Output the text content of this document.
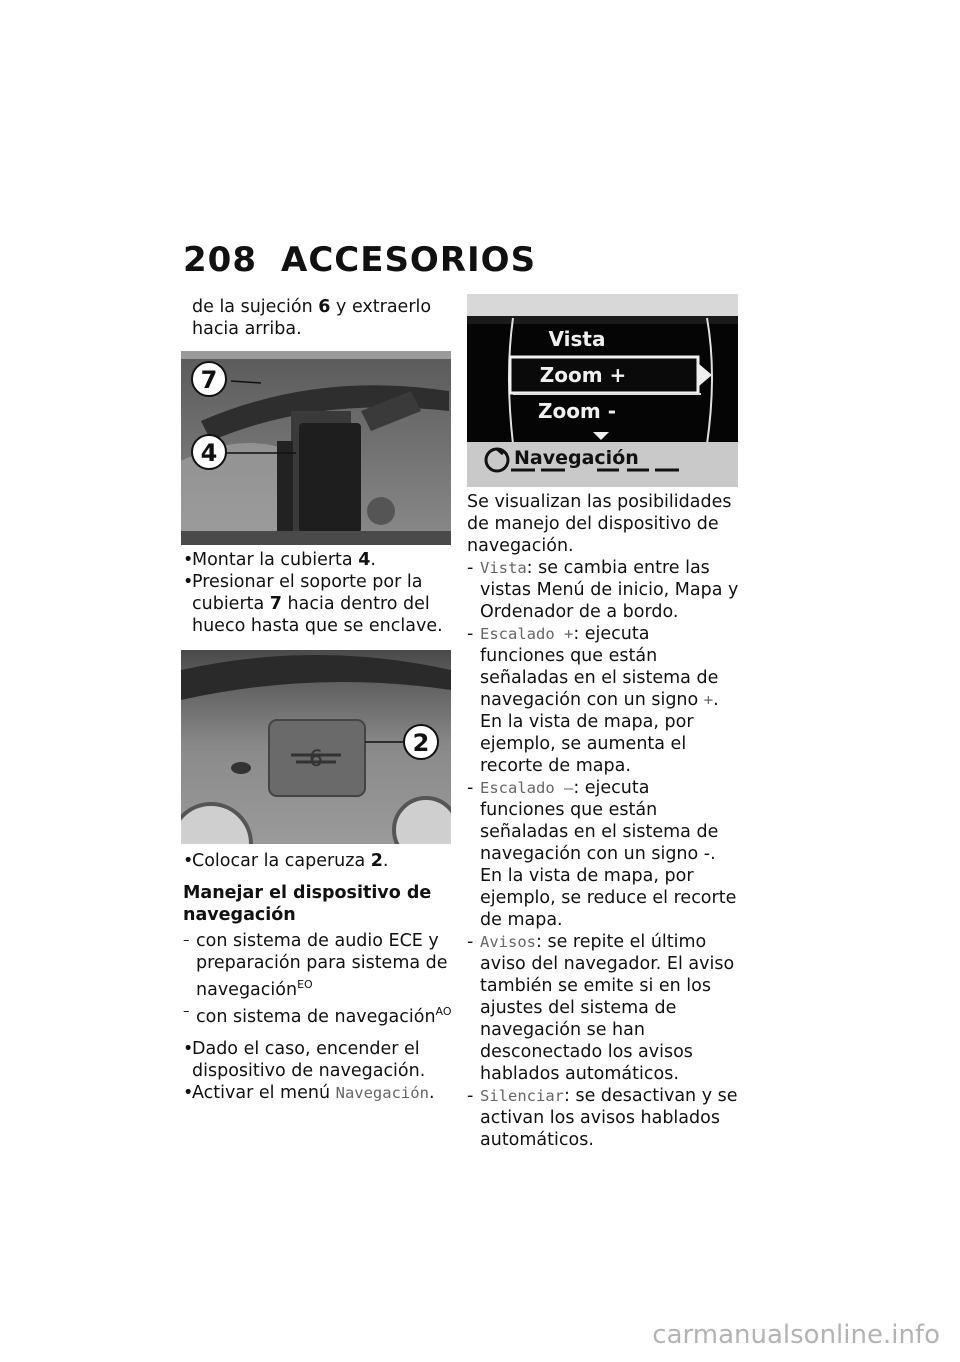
208 ACCESORIOS

de la sujeción 6 y extraerlo hacia arriba.

7
4

• Montar la cubierta 4.

• Presionar el soporte por la cubierta 7 hacia dentro del hueco hasta que se enclave.

6
2

• Colocar la caperuza 2.

Manejar el dispositivo de navegación

– con sistema de audio ECE y preparación para sistema de navegación$^{EO}$

– con sistema de navegación$^{AO}$

• Dado el caso, encender el dispositivo de navegación.

• Activar el menú Navegación.

Vista
Zoom +
Zoom -
Navegación

Se visualizan las posibilidades de manejo del dispositivo de navegación.

- Vista: se cambia entre las vistas Menú de inicio, Mapa y Ordenador de a bordo.

- Escalado +: ejecuta funciones que están señaladas en el sistema de navegación con un signo +. En la vista de mapa, por ejemplo, se aumenta el recorte de mapa.

- Escalado –: ejecuta funciones que están señaladas en el sistema de navegación con un signo -. En la vista de mapa, por ejemplo, se reduce el recorte de mapa.

- Avisos: se repite el último aviso del navegador. El aviso también se emite si en los ajustes del sistema de navegación se han desconectado los avisos hablados automáticos.

- Silenciar: se desactivan y se activan los avisos hablados automáticos.

carmanualsonline.info
